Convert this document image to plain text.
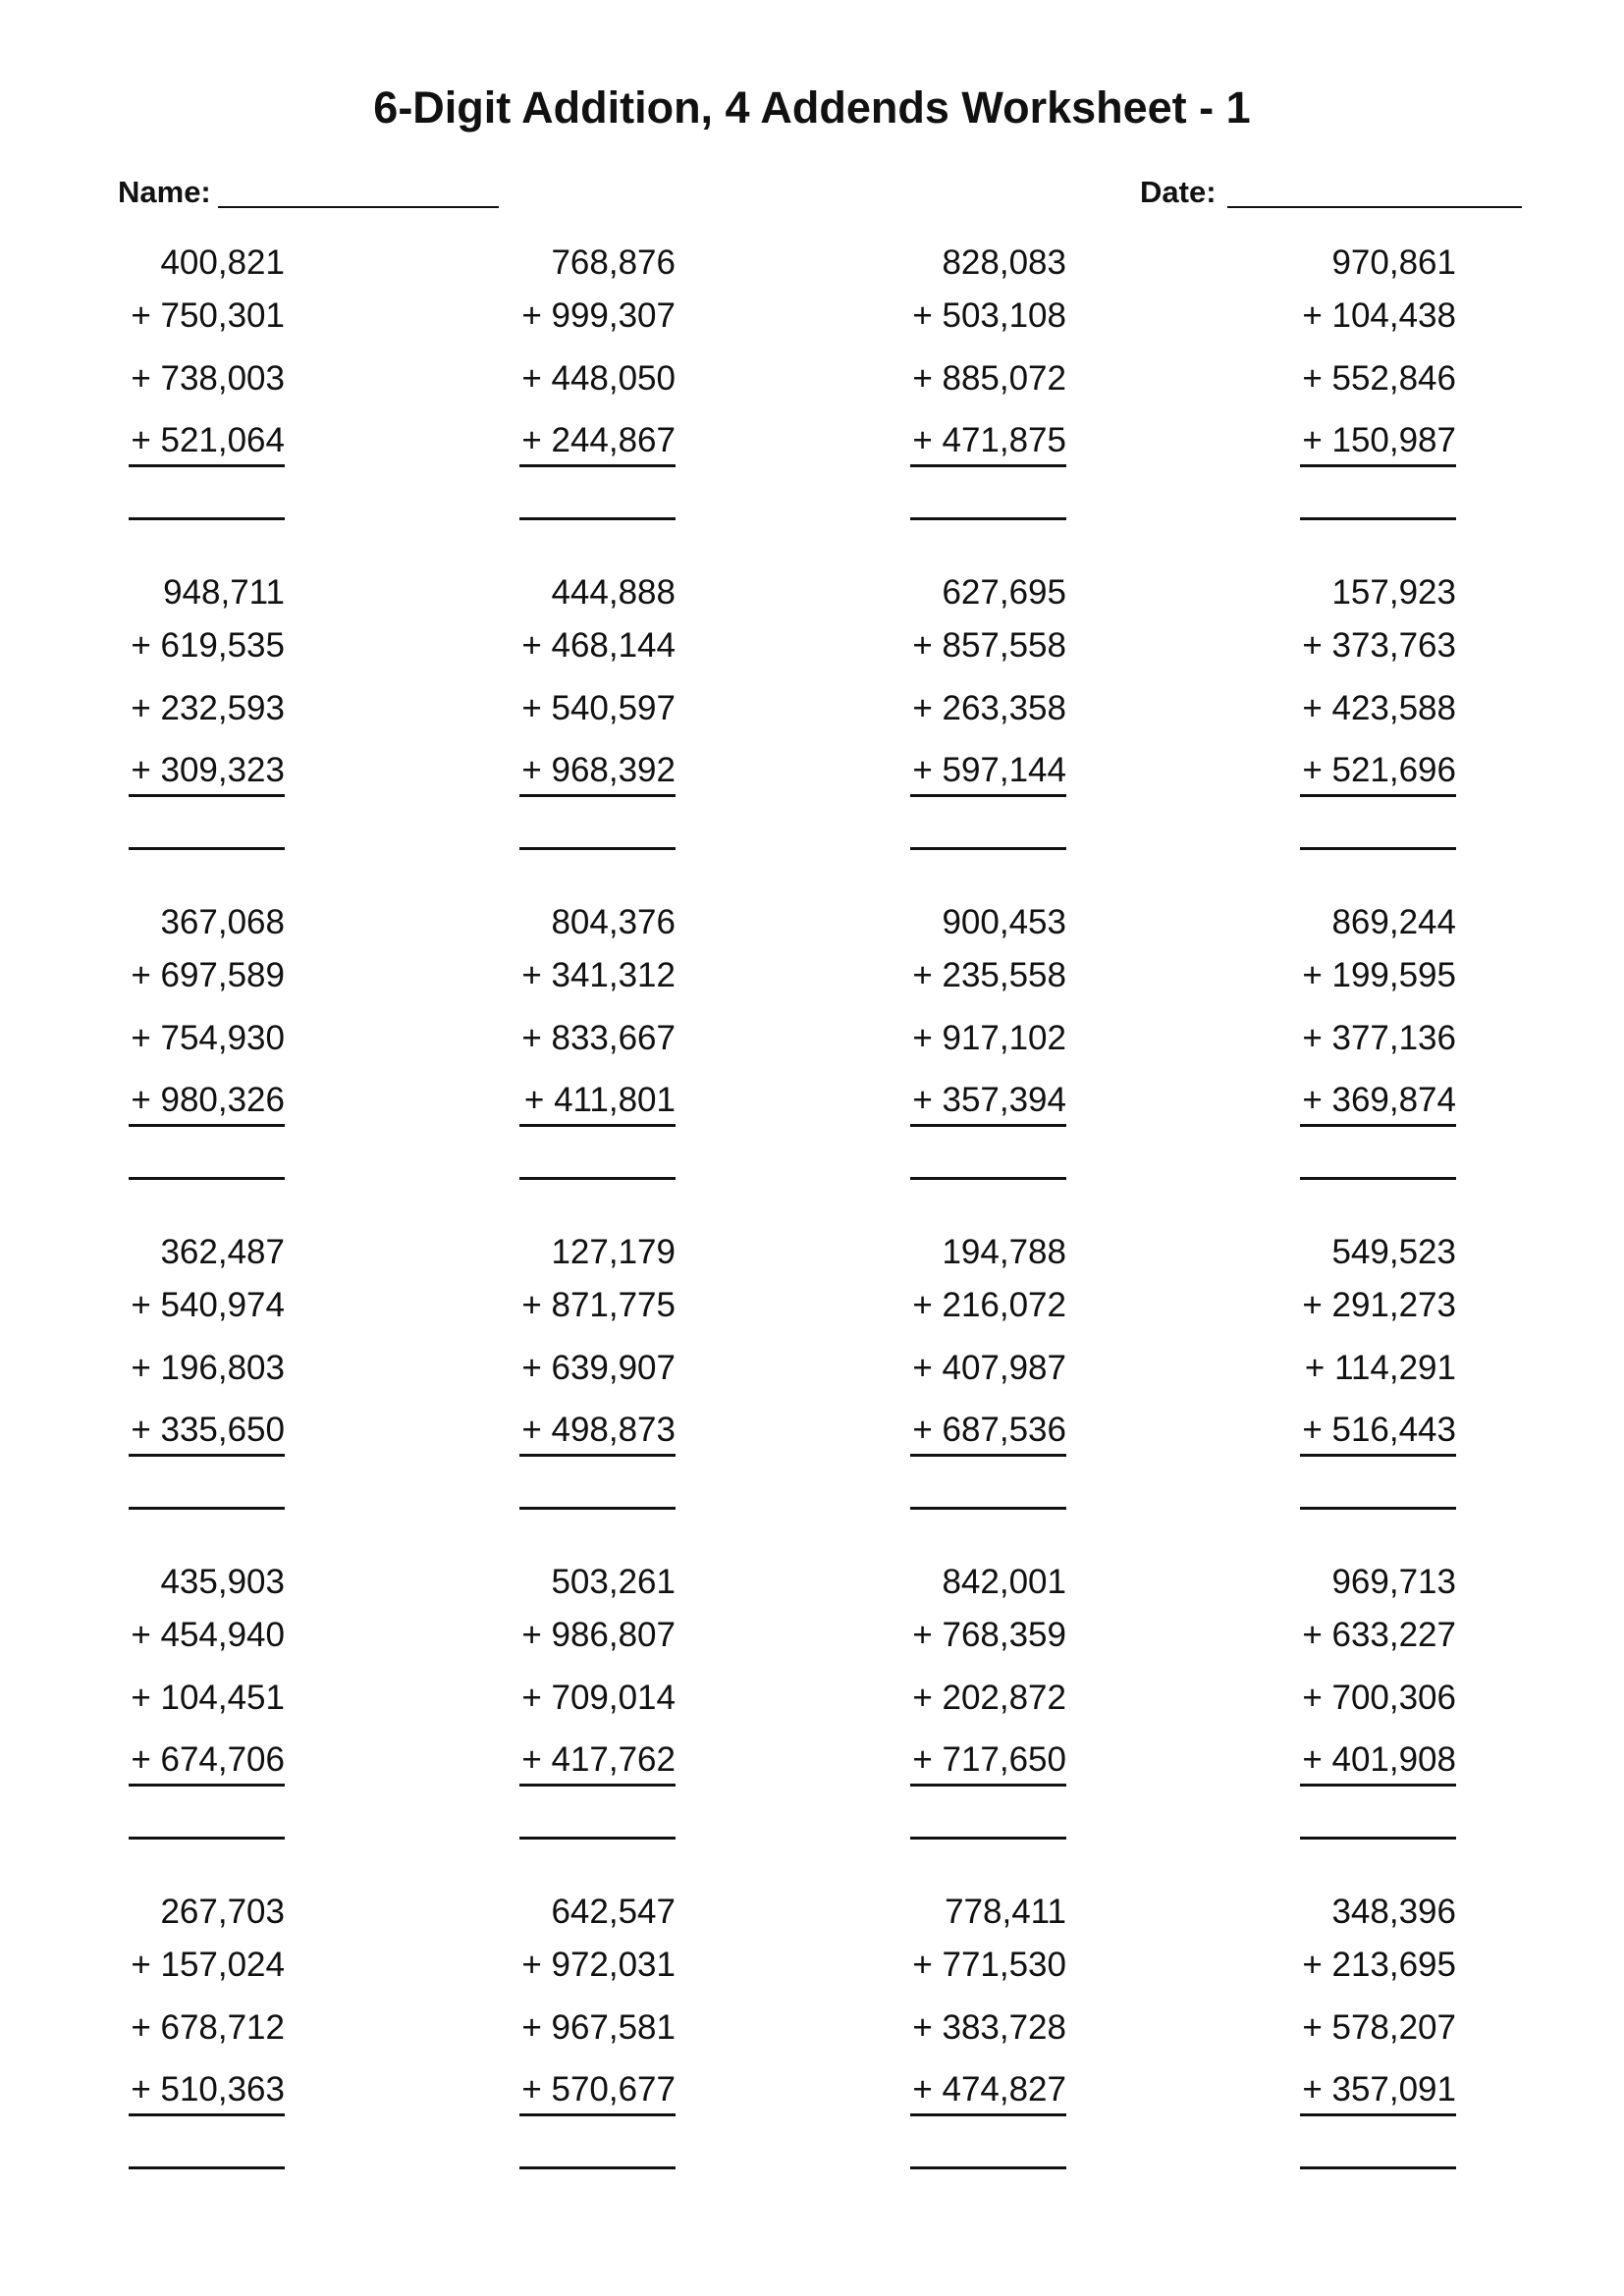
6-Digit Addition, 4 Addends Worksheet - 1
Name:	Date:
400,821
+ 750,301
+ 738,003
+ 521,064
768,876
+ 999,307
+ 448,050
+ 244,867
828,083
+ 503,108
+ 885,072
+ 471,875
970,861
+ 104,438
+ 552,846
+ 150,987
948,711
+ 619,535
+ 232,593
+ 309,323
444,888
+ 468,144
+ 540,597
+ 968,392
627,695
+ 857,558
+ 263,358
+ 597,144
157,923
+ 373,763
+ 423,588
+ 521,696
367,068
+ 697,589
+ 754,930
+ 980,326
804,376
+ 341,312
+ 833,667
+ 411,801
900,453
+ 235,558
+ 917,102
+ 357,394
869,244
+ 199,595
+ 377,136
+ 369,874
362,487
+ 540,974
+ 196,803
+ 335,650
127,179
+ 871,775
+ 639,907
+ 498,873
194,788
+ 216,072
+ 407,987
+ 687,536
549,523
+ 291,273
+ 114,291
+ 516,443
435,903
+ 454,940
+ 104,451
+ 674,706
503,261
+ 986,807
+ 709,014
+ 417,762
842,001
+ 768,359
+ 202,872
+ 717,650
969,713
+ 633,227
+ 700,306
+ 401,908
267,703
+ 157,024
+ 678,712
+ 510,363
642,547
+ 972,031
+ 967,581
+ 570,677
778,411
+ 771,530
+ 383,728
+ 474,827
348,396
+ 213,695
+ 578,207
+ 357,091
